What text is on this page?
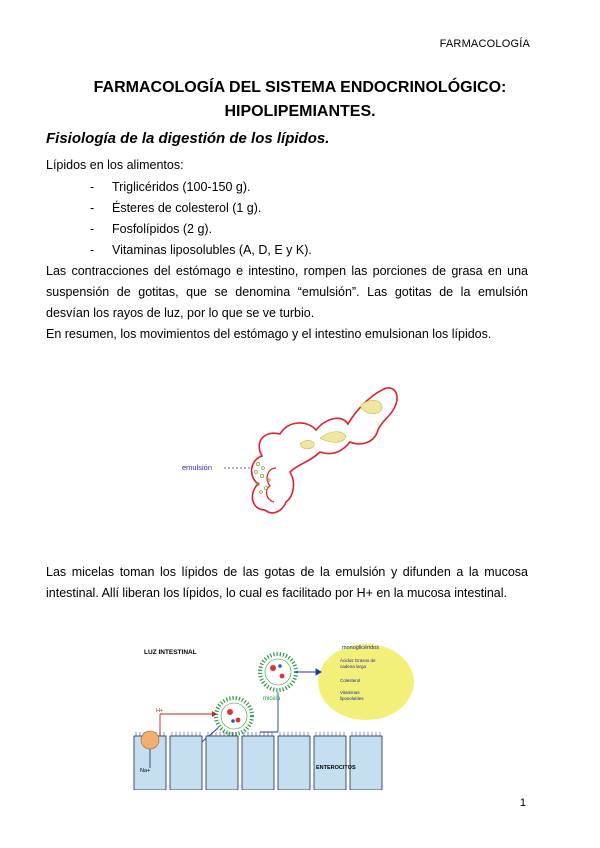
FARMACOLOGÍA
FARMACOLOGÍA DEL SISTEMA ENDOCRINOLÓGICO:
HIPOLIPEMIANTES.
Fisiología de la digestión de los lípidos.
Lípidos en los alimentos:
- Triglicéridos (100-150 g).
- Ésteres de colesterol (1 g).
- Fosfolípidos (2 g).
- Vitaminas liposolubles (A, D, E y K).
Las contracciones del estómago e intestino, rompen las porciones de grasa en una suspensión de gotitas, que se denomina “emulsión”. Las gotitas de la emulsión desvían los rayos de luz, por lo que se ve turbio.
En resumen, los movimientos del estómago y el intestino emulsionan los lípidos.
emulsión
Las micelas toman los lípidos de las gotas de la emulsión y difunden a la mucosa intestinal. Allí liberan los lípidos, lo cual es facilitado por H+ en la mucosa intestinal.
LUZ INTESTINAL
monoglicéridos
Ácidos Grasos de
cadena larga
Colesterol
Vitaminas
liposolubles
micela
H+
Na+	ENTEROCITOS
1
